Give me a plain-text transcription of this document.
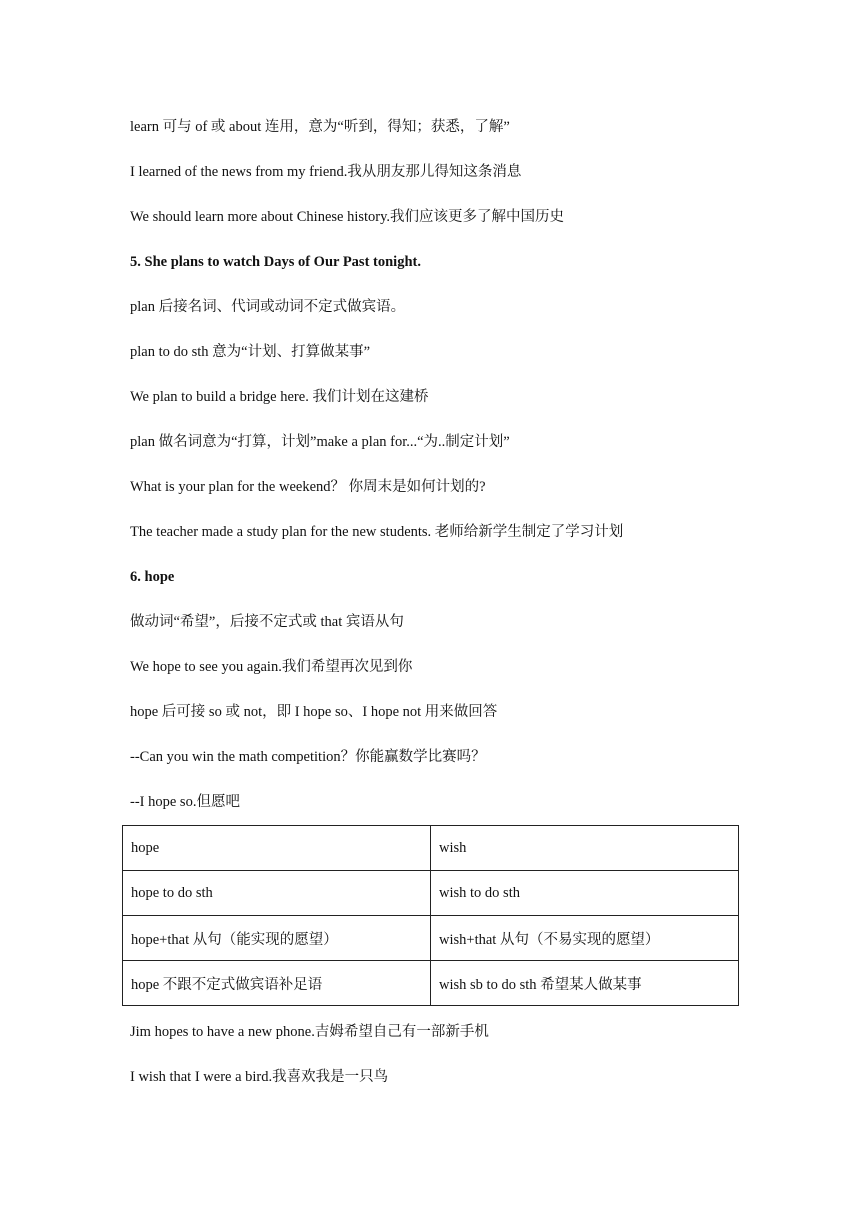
learn 可与 of 或 about 连用，意为“听到，得知；获悉，了解”
I learned of the news from my friend.我从朋友那儿得知这条消息
We should learn more about Chinese history.我们应该更多了解中国历史
5. She plans to watch Days of Our Past tonight.
plan 后接名词、代词或动词不定式做宾语。
plan to do sth 意为“计划、打算做某事”
We plan to build a bridge here. 我们计划在这建桥
plan 做名词意为“打算，计划”make a plan for...“为..制定计划”
What is your plan for the weekend？ 你周末是如何计划的?
The teacher made a study plan for the new students. 老师给新学生制定了学习计划
6. hope
做动词“希望”，后接不定式或 that 宾语从句
We hope to see you again.我们希望再次见到你
hope 后可接 so 或 not，即 I hope so、I hope not 用来做回答
--Can you win the math competition？你能赢数学比赛吗？
--I hope so.但愿吧
hope	wish
hope to do sth	wish to do sth
hope+that 从句（能实现的愿望）	wish+that 从句（不易实现的愿望）
hope 不跟不定式做宾语补足语	wish sb to do sth 希望某人做某事
Jim hopes to have a new phone.吉姆希望自己有一部新手机
I wish that I were a bird.我喜欢我是一只鸟
